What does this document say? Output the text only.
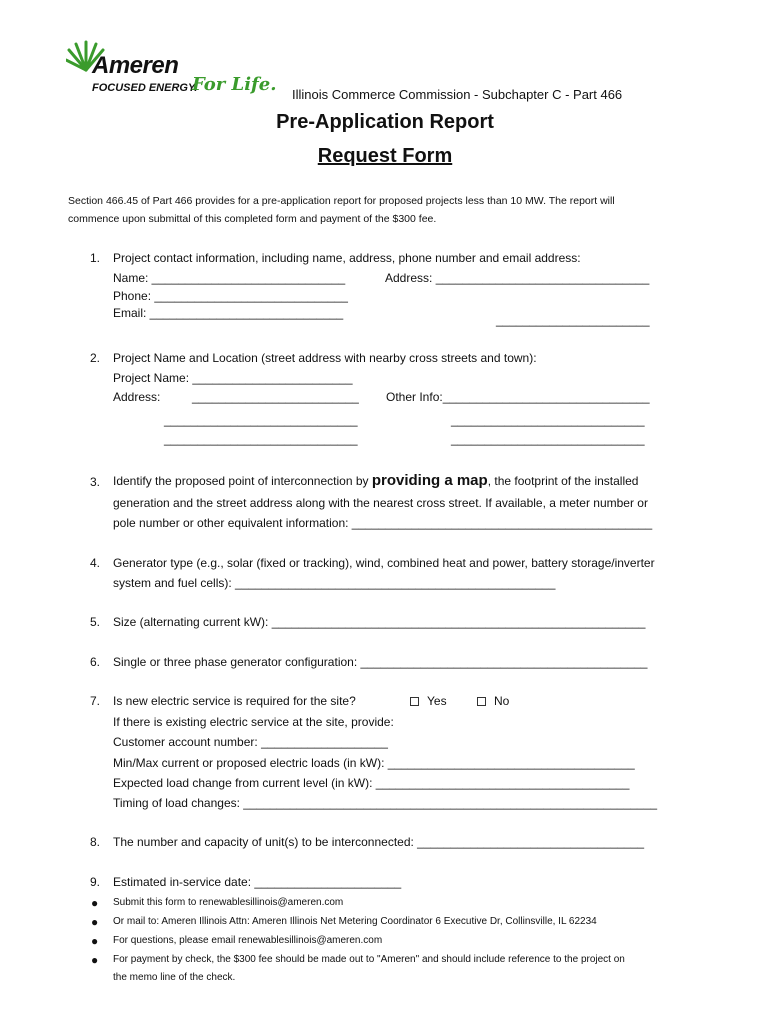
Ameren
FOCUSED ENERGY.
For Life. Illinois Commerce Commission - Subchapter C - Part 466
Pre-Application Report
Request Form
Section 466.45 of Part 466 provides for a pre-application report for proposed projects less than 10 MW. The report will
commence upon submittal of this completed form and payment of the $300 fee.
1. Project contact information, including name, address, phone number and email address:
Name: _____________________________	Address: ________________________________
Phone: _____________________________
Email: _____________________________	_______________________
2. Project Name and Location (street address with nearby cross streets and town):
Project Name: ________________________
Address:	_________________________ Other Info:_______________________________
_____________________________	_____________________________
_____________________________	_____________________________
3. Identify the proposed point of interconnection by providing a map, the footprint of the installed
generation and the street address along with the nearest cross street. If available, a meter number or
pole number or other equivalent information: _____________________________________________
4. Generator type (e.g., solar (fixed or tracking), wind, combined heat and power, battery storage/inverter
system and fuel cells): ________________________________________________
5. Size (alternating current kW): ________________________________________________________
6. Single or three phase generator configuration: ___________________________________________
7. Is new electric service is required for the site?	Yes	No
If there is existing electric service at the site, provide:
Customer account number: ___________________
Min/Max current or proposed electric loads (in kW): _____________________________________
Expected load change from current level (in kW): ______________________________________
Timing of load changes: ______________________________________________________________
8. The number and capacity of unit(s) to be interconnected: __________________________________
9. Estimated in-service date: ______________________
● Submit this form to renewablesillinois@ameren.com
● Or mail to: Ameren Illinois Attn: Ameren Illinois Net Metering Coordinator 6 Executive Dr, Collinsville, IL 62234
● For questions, please email renewablesillinois@ameren.com
● For payment by check, the $300 fee should be made out to "Ameren" and should include reference to the project on
the memo line of the check.
